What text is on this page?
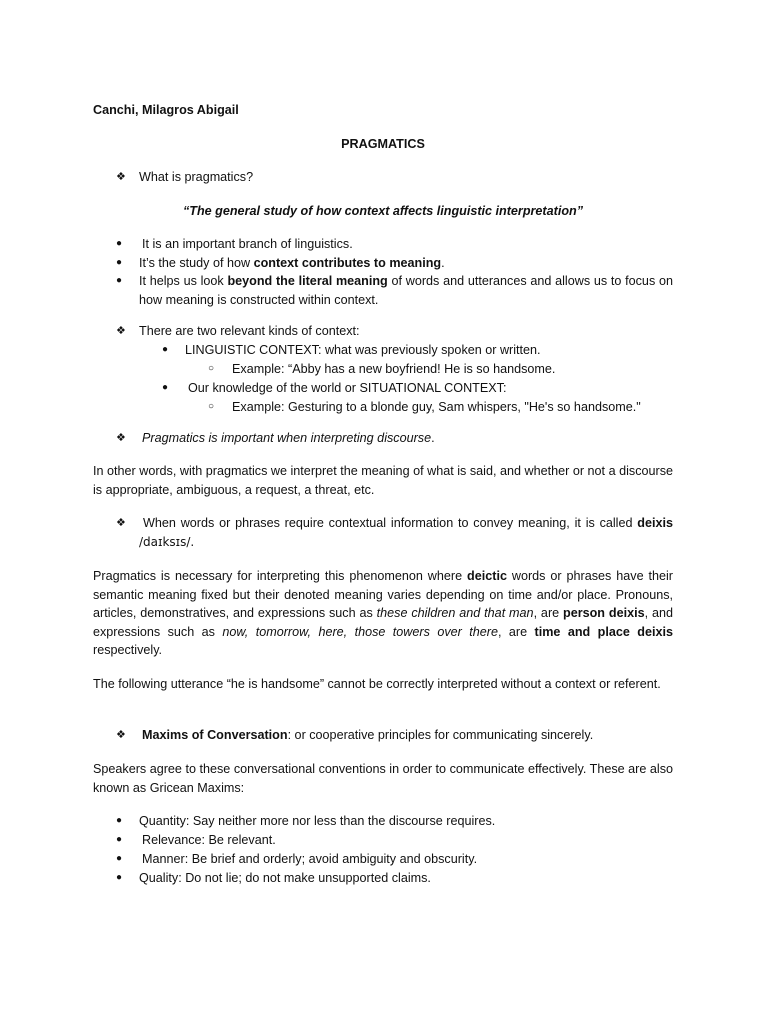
Canchi, Milagros Abigail
PRAGMATICS
❖ What is pragmatics?
“The general study of how context affects linguistic interpretation”
● It is an important branch of linguistics.
● It’s the study of how context contributes to meaning.
● It helps us look beyond the literal meaning of words and utterances and allows us to focus on how meaning is constructed within context.
❖ There are two relevant kinds of context:
● LINGUISTIC CONTEXT: what was previously spoken or written.
○ Example: “Abby has a new boyfriend! He is so handsome.
● Our knowledge of the world or SITUATIONAL CONTEXT:
○ Example: Gesturing to a blonde guy, Sam whispers, "He's so handsome."
❖ Pragmatics is important when interpreting discourse.
In other words, with pragmatics we interpret the meaning of what is said, and whether or not a discourse is appropriate, ambiguous, a request, a threat, etc.
❖	When words or phrases require contextual information to convey meaning, it is called deixis /daɪksɪs/.
Pragmatics is necessary for interpreting this phenomenon where deictic words or phrases have their semantic meaning fixed but their denoted meaning varies depending on time and/or place. Pronouns, articles, demonstratives, and expressions such as these children and that man, are person deixis, and expressions such as now, tomorrow, here, those towers over there, are time and place deixis respectively.
The following utterance “he is handsome” cannot be correctly interpreted without a context or referent.
❖ Maxims of Conversation: or cooperative principles for communicating sincerely.
Speakers agree to these conversational conventions in order to communicate effectively. These are also known as Gricean Maxims:
● Quantity: Say neither more nor less than the discourse requires.
● Relevance: Be relevant.
● Manner: Be brief and orderly; avoid ambiguity and obscurity.
● Quality: Do not lie; do not make unsupported claims.
